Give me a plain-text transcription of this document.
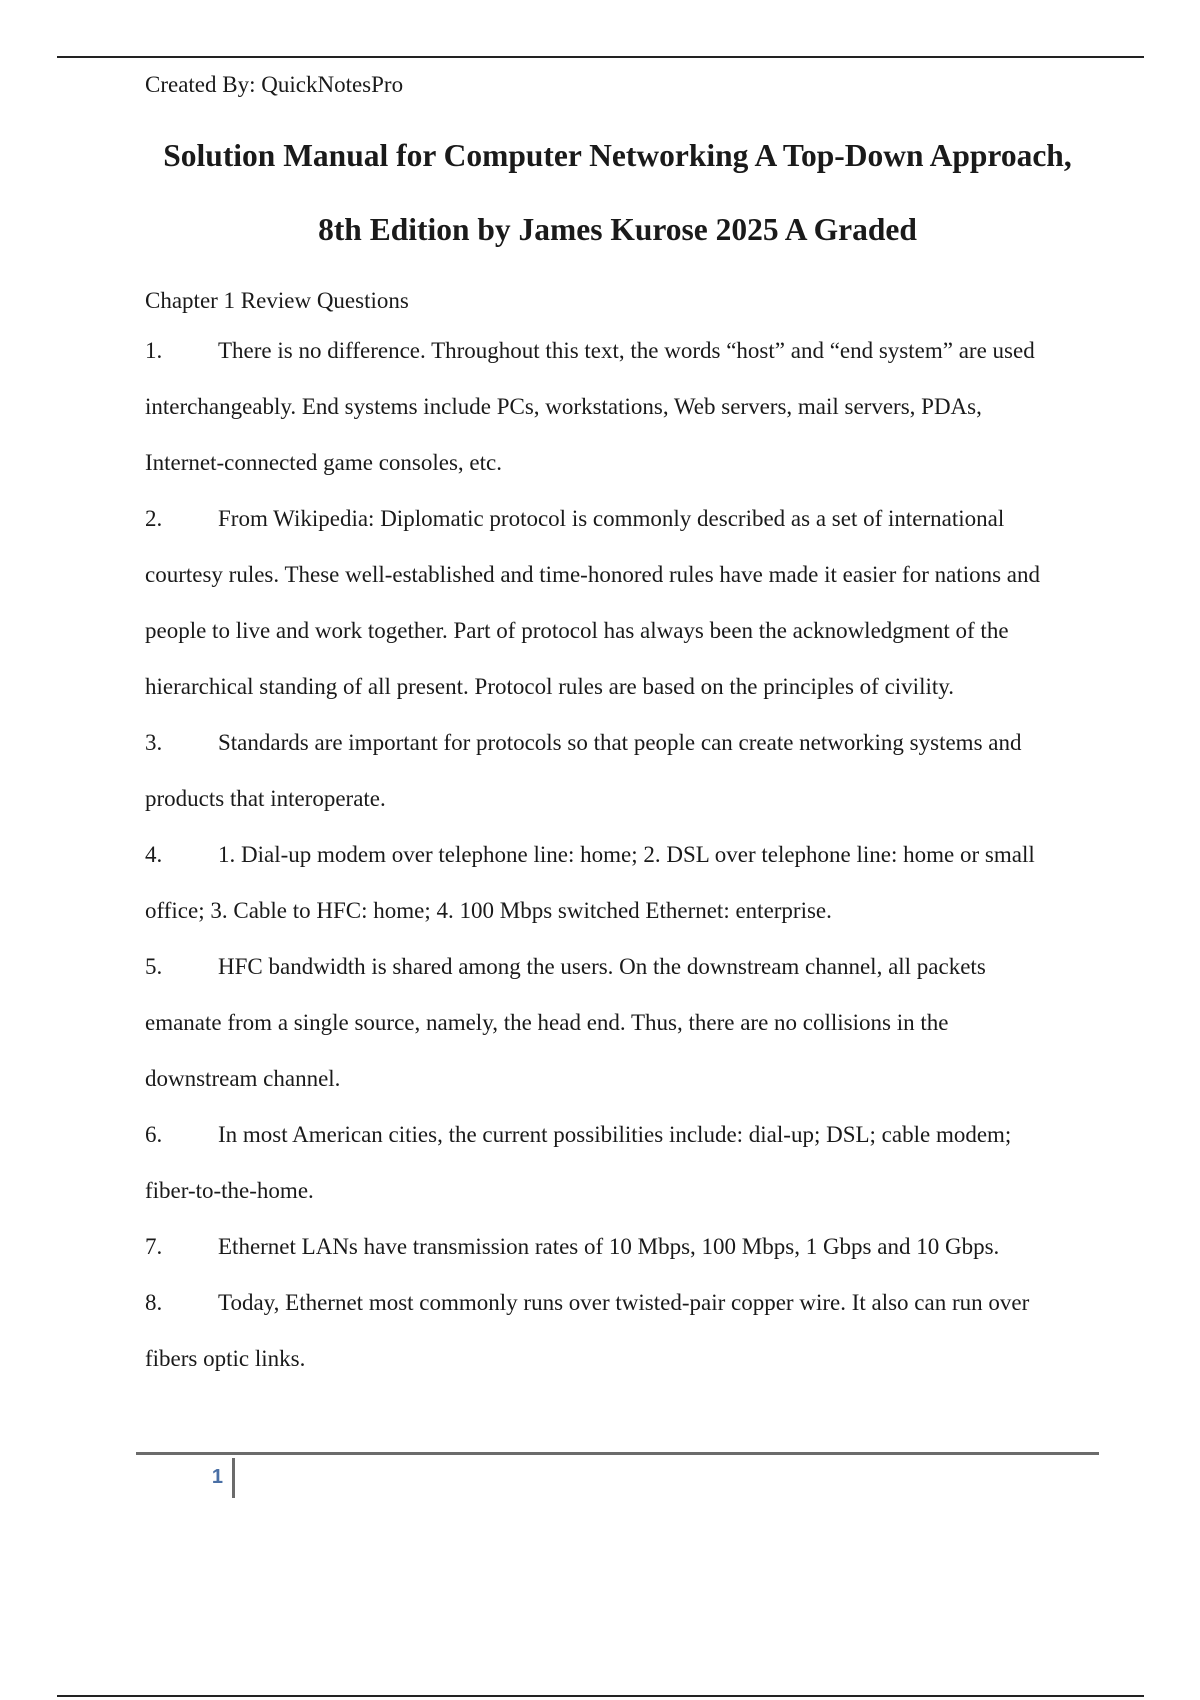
Created By: QuickNotesPro

Solution Manual for Computer Networking A Top-Down Approach,
8th Edition by James Kurose 2025 A Graded

Chapter 1 Review Questions

1. There is no difference. Throughout this text, the words “host” and “end system” are used

interchangeably. End systems include PCs, workstations, Web servers, mail servers, PDAs,

Internet-connected game consoles, etc.

2. From Wikipedia: Diplomatic protocol is commonly described as a set of international

courtesy rules. These well-established and time-honored rules have made it easier for nations and

people to live and work together. Part of protocol has always been the acknowledgment of the

hierarchical standing of all present. Protocol rules are based on the principles of civility.

3. Standards are important for protocols so that people can create networking systems and

products that interoperate.

4. 1. Dial-up modem over telephone line: home; 2. DSL over telephone line: home or small

office; 3. Cable to HFC: home; 4. 100 Mbps switched Ethernet: enterprise.

5. HFC bandwidth is shared among the users. On the downstream channel, all packets

emanate from a single source, namely, the head end. Thus, there are no collisions in the

downstream channel.

6. In most American cities, the current possibilities include: dial-up; DSL; cable modem;

fiber-to-the-home.

7. Ethernet LANs have transmission rates of 10 Mbps, 100 Mbps, 1 Gbps and 10 Gbps.

8. Today, Ethernet most commonly runs over twisted-pair copper wire. It also can run over

fibers optic links.

1
